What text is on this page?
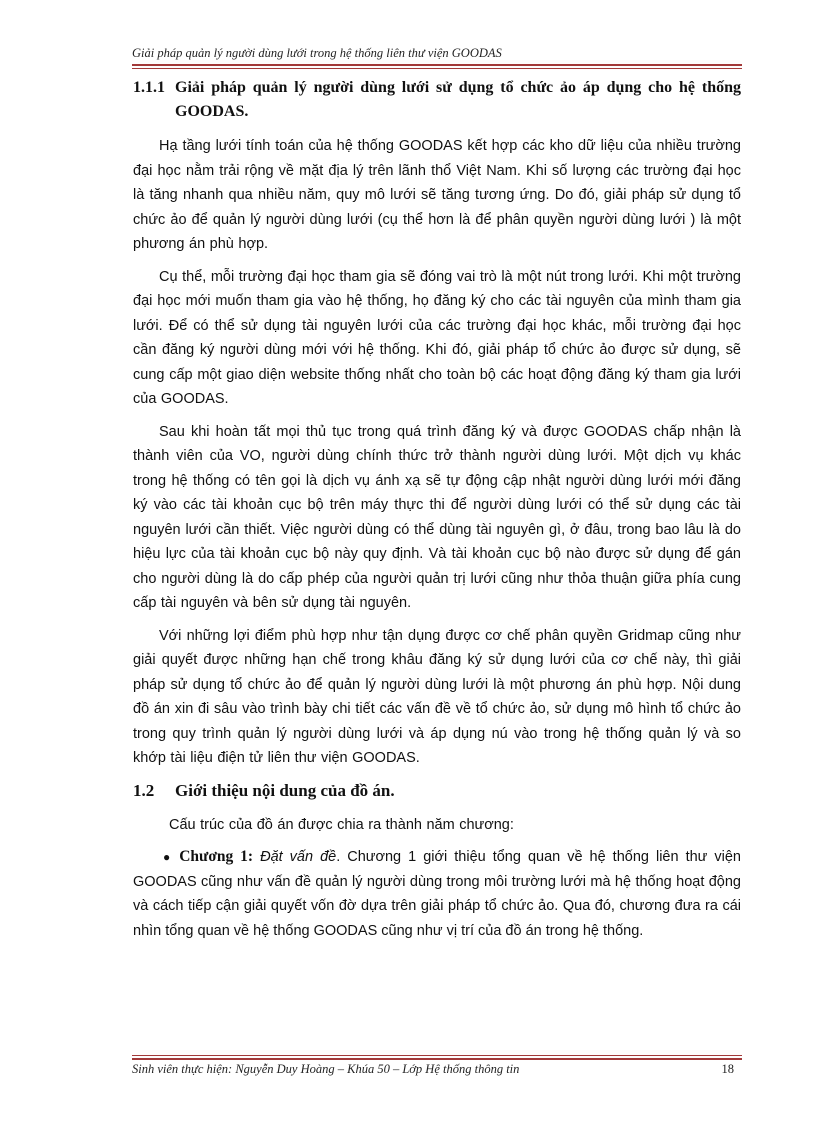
Giải pháp quản lý người dùng lưới trong hệ thống liên thư viện GOODAS
1.1.1 Giải pháp quản lý người dùng lưới sử dụng tổ chức ảo áp dụng cho hệ thống GOODAS.

Hạ tầng lưới tính toán của hệ thống GOODAS kết hợp các kho dữ liệu của nhiều trường đại học nằm trải rộng về mặt địa lý trên lãnh thổ Việt Nam. Khi số lượng các trường đại học là tăng nhanh qua nhiều năm, quy mô lưới sẽ tăng tương ứng. Do đó, giải pháp sử dụng tổ chức ảo để quản lý người dùng lưới (cụ thể hơn là để phân quyền người dùng lưới ) là một phương án phù hợp.

Cụ thể, mỗi trường đại học tham gia sẽ đóng vai trò là một nút trong lưới. Khi một trường đại học mới muốn tham gia vào hệ thống, họ đăng ký cho các tài nguyên của mình tham gia lưới. Để có thể sử dụng tài nguyên lưới của các trường đại học khác, mỗi trường đại học cần đăng ký người dùng mới với hệ thống. Khi đó, giải pháp tổ chức ảo được sử dụng, sẽ cung cấp một giao diện website thống nhất cho toàn bộ các hoạt động đăng ký tham gia lưới của GOODAS.

Sau khi hoàn tất mọi thủ tục trong quá trình đăng ký và được GOODAS chấp nhận là thành viên của VO, người dùng chính thức trở thành người dùng lưới. Một dịch vụ khác trong hệ thống có tên gọi là dịch vụ ánh xạ sẽ tự động cập nhật người dùng lưới mới đăng ký vào các tài khoản cục bộ trên máy thực thi để người dùng lưới có thể sử dụng các tài nguyên lưới cần thiết. Việc người dùng có thể dùng tài nguyên gì, ở đâu, trong bao lâu là do hiệu lực của tài khoản cục bộ này quy định. Và tài khoản cục bộ nào được sử dụng để gán cho người dùng là do cấp phép của người quản trị lưới cũng như thỏa thuận giữa phía cung cấp tài nguyên và bên sử dụng tài nguyên.

Với những lợi điểm phù hợp như tận dụng được cơ chế phân quyền Gridmap cũng như giải quyết được những hạn chế trong khâu đăng ký sử dụng lưới của cơ chế này, thì giải pháp sử dụng tổ chức ảo để quản lý người dùng lưới là một phương án phù hợp. Nội dung đồ án xin đi sâu vào trình bày chi tiết các vấn đề về tổ chức ảo, sử dụng mô hình tổ chức ảo trong quy trình quản lý người dùng lưới và áp dụng nú vào trong hệ thống quản lý và so khớp tài liệu điện tử liên thư viện GOODAS.

1.2	Giới thiệu nội dung của đồ án.

Cấu trúc của đồ án được chia ra thành năm chương:

● Chương 1: Đặt vấn đề. Chương 1 giới thiệu tổng quan về hệ thống liên thư viện GOODAS cũng như vấn đề quản lý người dùng trong môi trường lưới mà hệ thống hoạt động và cách tiếp cận giải quyết vốn đờ dựa trên giải pháp tổ chức ảo. Qua đó, chương đưa ra cái nhìn tổng quan về hệ thống GOODAS cũng như vị trí của đồ án trong hệ thống.
Sinh viên thực hiện: Nguyễn Duy Hoàng – Khúa 50 – Lớp Hệ thống thông tin	18
